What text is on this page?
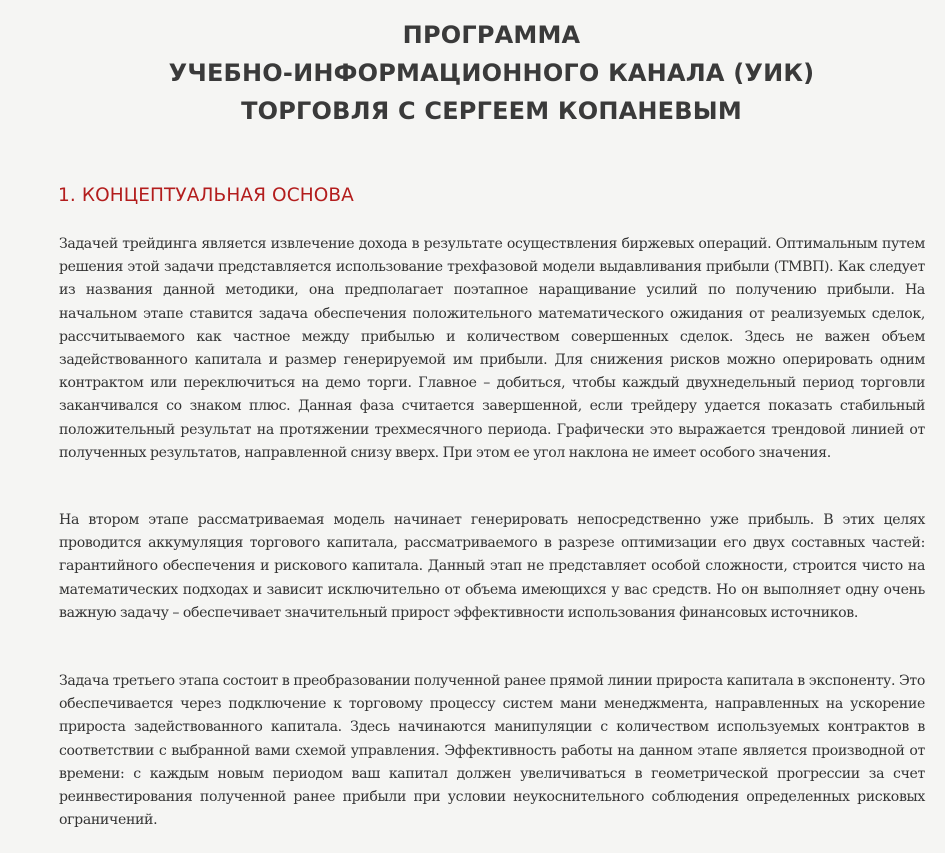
ПРОГРАММА
УЧЕБНО-ИНФОРМАЦИОННОГО КАНАЛА (УИК)
ТОРГОВЛЯ С СЕРГЕЕМ КОПАНЕВЫМ
1. КОНЦЕПТУАЛЬНАЯ ОСНОВА

Задачей трейдинга является извлечение дохода в результате осуществления биржевых операций. Оптимальным путем решения этой задачи представляется использование трехфазовой модели выдавливания прибыли (ТМВП). Как следует из названия данной методики, она предполагает поэтапное наращивание усилий по получению прибыли. На начальном этапе ставится задача обеспечения положительного математического ожидания от реализуемых сделок, рассчитываемого как частное между прибылью и количеством совершенных сделок. Здесь не важен объем задействованного капитала и размер генерируемой им прибыли. Для снижения рисков можно оперировать одним контрактом или переключиться на демо торги. Главное – добиться, чтобы каждый двухнедельный период торговли заканчивался со знаком плюс. Данная фаза считается завершенной, если трейдеру удается показать стабильный положительный результат на протяжении трехмесячного периода. Графически это выражается трендовой линией от полученных результатов, направленной снизу вверх. При этом ее угол наклона не имеет особого значения.

На втором этапе рассматриваемая модель начинает генерировать непосредственно уже прибыль. В этих целях проводится аккумуляция торгового капитала, рассматриваемого в разрезе оптимизации его двух составных частей: гарантийного обеспечения и рискового капитала. Данный этап не представляет особой сложности, строится чисто на математических подходах и зависит исключительно от объема имеющихся у вас средств. Но он выполняет одну очень важную задачу – обеспечивает значительный прирост эффективности использования финансовых источников.

Задача третьего этапа состоит в преобразовании полученной ранее прямой линии прироста капитала в экспоненту. Это обеспечивается через подключение к торговому процессу систем мани менеджмента, направленных на ускорение прироста задействованного капитала. Здесь начинаются манипуляции с количеством используемых контрактов в соответствии с выбранной вами схемой управления. Эффективность работы на данном этапе является производной от времени: с каждым новым периодом ваш капитал должен увеличиваться в геометрической прогрессии за счет реинвестирования полученной ранее прибыли при условии неукоснительного соблюдения определенных рисковых ограничений.
